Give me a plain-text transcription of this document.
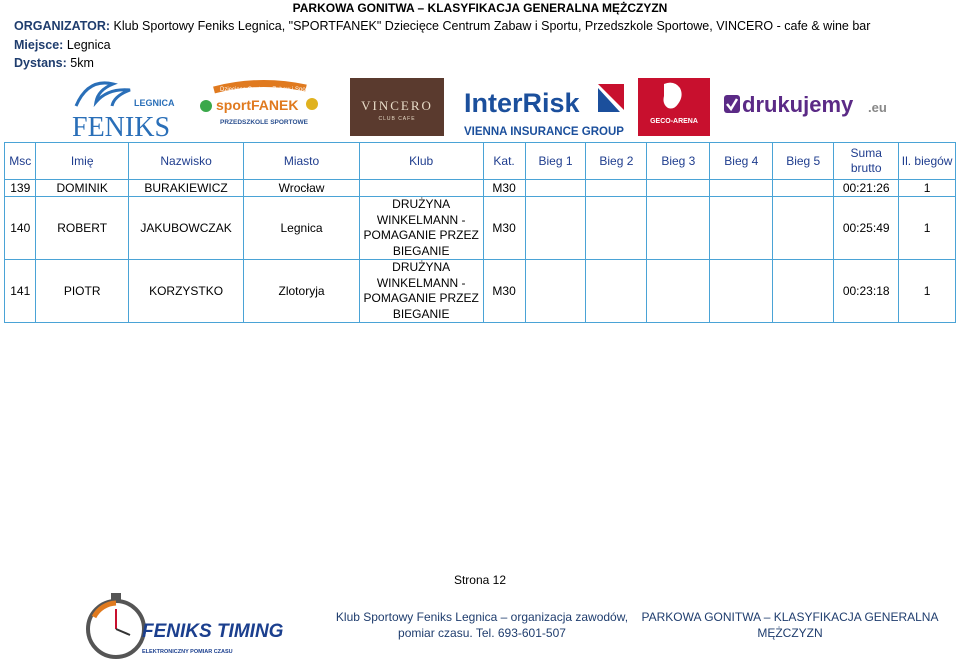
PARKOWA GONITWA – KLASYFIKACJA GENERALNA MĘŻCZYZN
ORGANIZATOR: Klub Sportowy Feniks Legnica, "SPORTFANEK" Dziecięce Centrum Zabaw i Sportu, Przedszkole Sportowe, VINCERO - cafe & wine bar
Miejsce: Legnica
Dystans: 5km
LEGNICA
FENIKS
Dziecięce Centrum Zabaw i Sportu
sportFANEK
PRZEDSZKOLE SPORTOWE
VINCERO
CLUB CAFE
InterRisk
VIENNA INSURANCE GROUP
GECO-ARENA
drukujemy .eu
Msc	Imię	Nazwisko	Miasto	Klub	Kat.	Bieg 1	Bieg 2	Bieg 3	Bieg 4	Bieg 5	Suma brutto	Il. biegów
139	DOMINIK	BURAKIEWICZ	Wrocław		M30						00:21:26	1
140	ROBERT	JAKUBOWCZAK	Legnica	DRUŻYNA WINKELMANN - POMAGANIE PRZEZ BIEGANIE	M30						00:25:49	1
141	PIOTR	KORZYSTKO	Zlotoryja	DRUŻYNA WINKELMANN - POMAGANIE PRZEZ BIEGANIE	M30						00:23:18	1
Strona 12
FENIKS TIMING
ELEKTRONICZNY POMIAR CZASU
Klub Sportowy Feniks Legnica – organizacja zawodów,
pomiar czasu. Tel. 693-601-507
PARKOWA GONITWA – KLASYFIKACJA GENERALNA
MĘŻCZYZN
